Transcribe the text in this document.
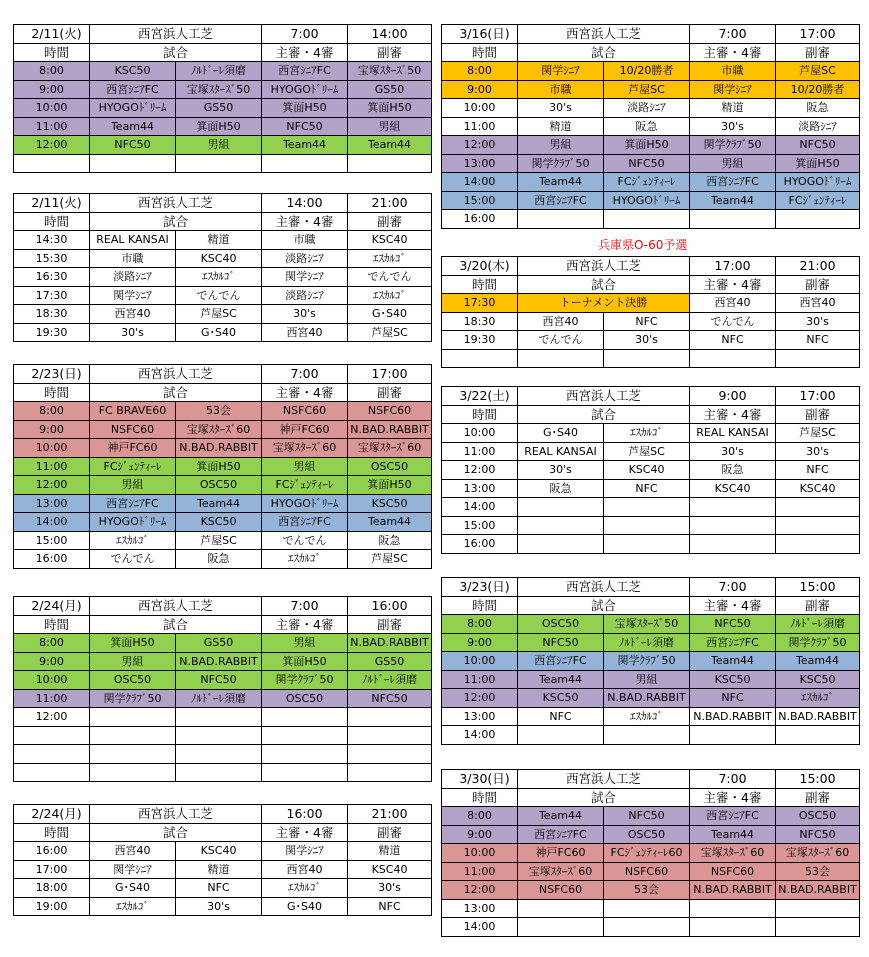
2/11(火)	西宮浜人工芝		7:00	14:00
時間	試合		主審・4審	副審
8:00	KSC50	ﾉﾙﾄﾞｰﾚ須磨	西宮ｼﾆｱFC	宝塚ｽﾀｰｽﾞ50
9:00	西宮ｼﾆｱFC	宝塚ｽﾀｰｽﾞ50	HYOGOﾄﾞﾘｰﾑ	GS50
10:00	HYOGOﾄﾞﾘｰﾑ	GS50	箕面H50	箕面H50
11:00	Team44	箕面H50	NFC50	男組
12:00	NFC50	男組	Team44	Team44

2/11(火)	西宮浜人工芝		14:00	21:00
時間	試合		主審・4審	副審
14:30	REAL KANSAI	精道	市職	KSC40
15:30	市職	KSC40	淡路ｼﾆｱ	ｴｽｶﾙｺﾞ
16:30	淡路ｼﾆｱ	ｴｽｶﾙｺﾞ	関学ｼﾆｱ	でんでん
17:30	関学ｼﾆｱ	でんでん	淡路ｼﾆｱ	ｴｽｶﾙｺﾞ
18:30	西宮40	芦屋SC	30's	G･S40
19:30	30's	G･S40	西宮40	芦屋SC
2/23(日)	西宮浜人工芝		7:00	17:00
時間	試合		主審・4審	副審
8:00	FC BRAVE60	53会	NSFC60	NSFC60
9:00	NSFC60	宝塚ｽﾀｰｽﾞ60	神戸FC60	N.BAD.RABBIT
10:00	神戸FC60	N.BAD.RABBIT	宝塚ｽﾀｰｽﾞ60	宝塚ｽﾀｰｽﾞ60
11:00	FCｼﾞｪﾝﾃｨｰﾚ	箕面H50	男組	OSC50
12:00	男組	OSC50	FCｼﾞｪﾝﾃｨｰﾚ	箕面H50
13:00	西宮ｼﾆｱFC	Team44	HYOGOﾄﾞﾘｰﾑ	KSC50
14:00	HYOGOﾄﾞﾘｰﾑ	KSC50	西宮ｼﾆｱFC	Team44
15:00	ｴｽｶﾙｺﾞ	芦屋SC	でんでん	阪急
16:00	でんでん	阪急	ｴｽｶﾙｺﾞ	芦屋SC
2/24(月)	西宮浜人工芝		7:00	16:00
時間	試合		主審・4審	副審
8:00	箕面H50	GS50	男組	N.BAD.RABBIT
9:00	男組	N.BAD.RABBIT	箕面H50	GS50
10:00	OSC50	NFC50	関学ｸﾗﾌﾞ50	ﾉﾙﾄﾞｰﾚ須磨
11:00	関学ｸﾗﾌﾞ50	ﾉﾙﾄﾞｰﾚ須磨	OSC50	NFC50
12:00				

2/24(月)	西宮浜人工芝		16:00	21:00
時間	試合		主審・4審	副審
16:00	西宮40	KSC40	関学ｼﾆｱ	精道
17:00	関学ｼﾆｱ	精道	西宮40	KSC40
18:00	G･S40	NFC	ｴｽｶﾙｺﾞ	30's
19:00	ｴｽｶﾙｺﾞ	30's	G･S40	NFC
3/16(日)	西宮浜人工芝		7:00	17:00
時間	試合		主審・4審	副審
8:00	関学ｼﾆｱ	10/20勝者	市職	芦屋SC
9:00	市職	芦屋SC	関学ｼﾆｱ	10/20勝者
10:00	30's	淡路ｼﾆｱ	精道	阪急
11:00	精道	阪急	30's	淡路ｼﾆｱ
12:00	男組	箕面H50	関学ｸﾗﾌﾞ50	NFC50
13:00	関学ｸﾗﾌﾞ50	NFC50	男組	箕面H50
14:00	Team44	FCｼﾞｪﾝﾃｨｰﾚ	西宮ｼﾆｱFC	HYOGOﾄﾞﾘｰﾑ
15:00	西宮ｼﾆｱFC	HYOGOﾄﾞﾘｰﾑ	Team44	FCｼﾞｪﾝﾃｨｰﾚ
16:00				
兵庫県O-60予選
3/20(木)	西宮浜人工芝		17:00	21:00
時間	試合		主審・4審	副審
17:30	トーナメント決勝		西宮40	西宮40
18:30	西宮40	NFC	でんでん	30's
19:30	でんでん	30's	NFC	NFC

3/22(土)	西宮浜人工芝		9:00	17:00
時間	試合		主審・4審	副審
10:00	G･S40	ｴｽｶﾙｺﾞ	REAL KANSAI	芦屋SC
11:00	REAL KANSAI	芦屋SC	30's	30's
12:00	30's	KSC40	阪急	NFC
13:00	阪急	NFC	KSC40	KSC40
14:00				
15:00				
16:00				
3/23(日)	西宮浜人工芝		7:00	15:00
時間	試合		主審・4審	副審
8:00	OSC50	宝塚ｽﾀｰｽﾞ50	NFC50	ﾉﾙﾄﾞｰﾚ須磨
9:00	NFC50	ﾉﾙﾄﾞｰﾚ須磨	西宮ｼﾆｱFC	関学ｸﾗﾌﾞ50
10:00	西宮ｼﾆｱFC	関学ｸﾗﾌﾞ50	Team44	Team44
11:00	Team44	男組	KSC50	KSC50
12:00	KSC50	N.BAD.RABBIT	NFC	ｴｽｶﾙｺﾞ
13:00	NFC	ｴｽｶﾙｺﾞ	N.BAD.RABBIT	N.BAD.RABBIT
14:00				
3/30(日)	西宮浜人工芝		7:00	15:00
時間	試合		主審・4審	副審
8:00	Team44	NFC50	西宮ｼﾆｱFC	OSC50
9:00	西宮ｼﾆｱFC	OSC50	Team44	NFC50
10:00	神戸FC60	FCｼﾞｪﾝﾃｨｰﾚ60	宝塚ｽﾀｰｽﾞ60	宝塚ｽﾀｰｽﾞ60
11:00	宝塚ｽﾀｰｽﾞ60	NSFC60	NSFC60	53会
12:00	NSFC60	53会	N.BAD.RABBIT	N.BAD.RABBIT
13:00				
14:00				
